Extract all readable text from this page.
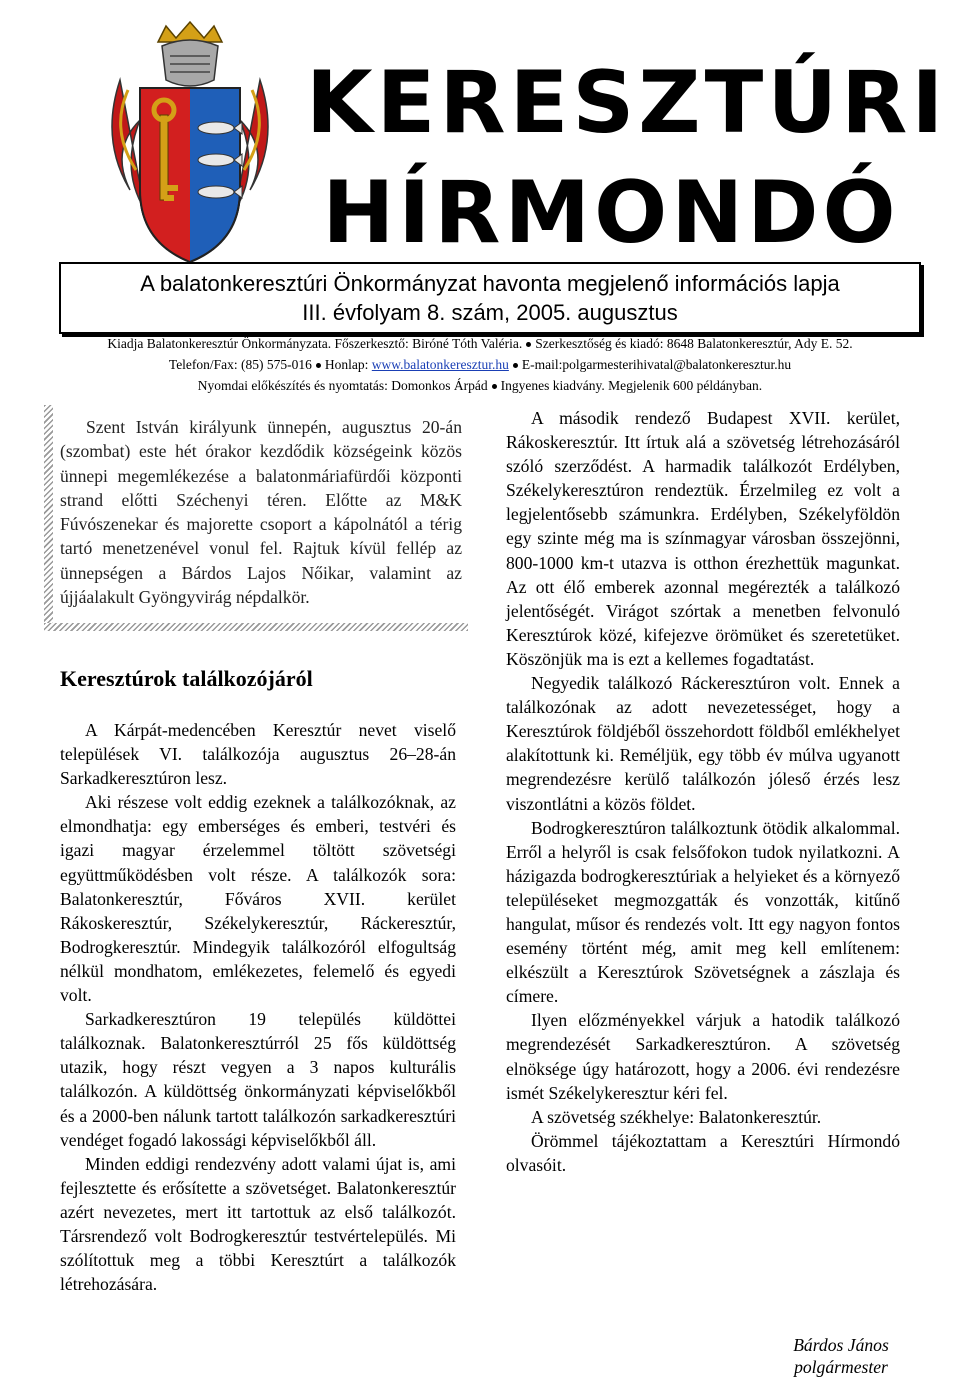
KERESZTÚRI
HÍRMONDÓ
A balatonkeresztúri Önkormányzat havonta megjelenő információs lapja
III. évfolyam 8. szám, 2005. augusztus
Kiadja Balatonkeresztúr Önkormányzata. Főszerkesztő: Biróné Tóth Valéria. Szerkesztőség és kiadó: 8648 Balatonkeresztúr, Ady E. 52.
Telefon/Fax: (85) 575-016 Honlap: www.balatonkeresztur.hu E-mail:polgarmesterihivatal@balatonkeresztur.hu
Nyomdai előkészítés és nyomtatás: Domonkos Árpád Ingyenes kiadvány. Megjelenik 600 példányban.
Szent István királyunk ünnepén, augusztus 20-án (szombat) este hét órakor kezdődik községeink közös ünnepi megemlékezése a balatonmáriafürdői központi strand előtti Széchenyi téren. Előtte az M&K Fúvószenekar és majorette csoport a kápolnától a térig tartó menetzenével vonul fel. Rajtuk kívül fellép az ünnepségen a Bárdos Lajos Nőikar, valamint az újjáalakult Gyöngyvirág népdalkör.
Keresztúrok találkozójáról

A Kárpát-medencében Keresztúr nevet viselő települések VI. találkozója augusztus 26–28-án Sarkadkeresztúron lesz.

Aki részese volt eddig ezeknek a találkozóknak, az elmondhatja: egy emberséges és emberi, testvéri és igazi magyar érzelemmel töltött szövetségi együttműködésben volt része. A találkozók sora: Balatonkeresztúr, Főváros XVII. kerület Rákoskeresztúr, Székelykeresztúr, Ráckeresztúr, Bodrogkeresztúr. Mindegyik találkozóról elfogultság nélkül mondhatom, emlékezetes, felemelő és egyedi volt.

Sarkadkeresztúron 19 település küldöttei találkoznak. Balatonkeresztúrról 25 fős küldöttség utazik, hogy részt vegyen a 3 napos kulturális találkozón. A küldöttség önkormányzati képviselőkből és a 2000-ben nálunk tartott találkozón sarkadkeresztúri vendéget fogadó lakossági képviselőkből áll.

Minden eddigi rendezvény adott valami újat is, ami fejlesztette és erősítette a szövetséget. Balatonkeresztúr azért nevezetes, mert itt tartottuk az első találkozót. Társrendező volt Bodrogkeresztúr testvértelepülés. Mi szólítottuk meg a többi Keresztúrt a találkozók létrehozására.

A második rendező Budapest XVII. kerület, Rákoskeresztúr. Itt írtuk alá a szövetség létrehozásáról szóló szerződést. A harmadik találkozót Erdélyben, Székelykeresztúron rendeztük. Érzelmileg ez volt a legjelentősebb számunkra. Erdélyben, Székelyföldön egy szinte még ma is színmagyar városban összejönni, 800-1000 km-t utazva is otthon érezhettük magunkat. Az ott élő emberek azonnal megérezték a találkozó jelentőségét. Virágot szórtak a menetben felvonuló Keresztúrok közé, kifejezve örömüket és szeretetüket. Köszönjük ma is ezt a kellemes fogadtatást.

Negyedik találkozó Ráckeresztúron volt. Ennek a találkozónak az adott nevezetességet, hogy a Keresztúrok földjéből összehordott földből emlékhelyet alakítottunk ki. Reméljük, egy több év múlva ugyanott megrendezésre kerülő találkozón jóleső érzés lesz viszontlátni a közös földet.

Bodrogkeresztúron találkoztunk ötödik alkalommal. Erről a helyről is csak felsőfokon tudok nyilatkozni. A házigazda bodrogkeresztúriak a helyieket és a környező településeket megmozgatták és vonzották, kitűnő hangulat, műsor és rendezés volt. Itt egy nagyon fontos esemény történt még, amit meg kell említenem: elkészült a Keresztúrok Szövetségnek a zászlaja és címere.

Ilyen előzményekkel várjuk a hatodik találkozó megrendezését Sarkadkeresztúron. A szövetség elnöksége úgy határozott, hogy a 2006. évi rendezésre ismét Székelykeresztur kéri fel.

A szövetség székhelye: Balatonkeresztúr.

Örömmel tájékoztattam a Keresztúri Hírmondó olvasóit.

Bárdos János
polgármester
